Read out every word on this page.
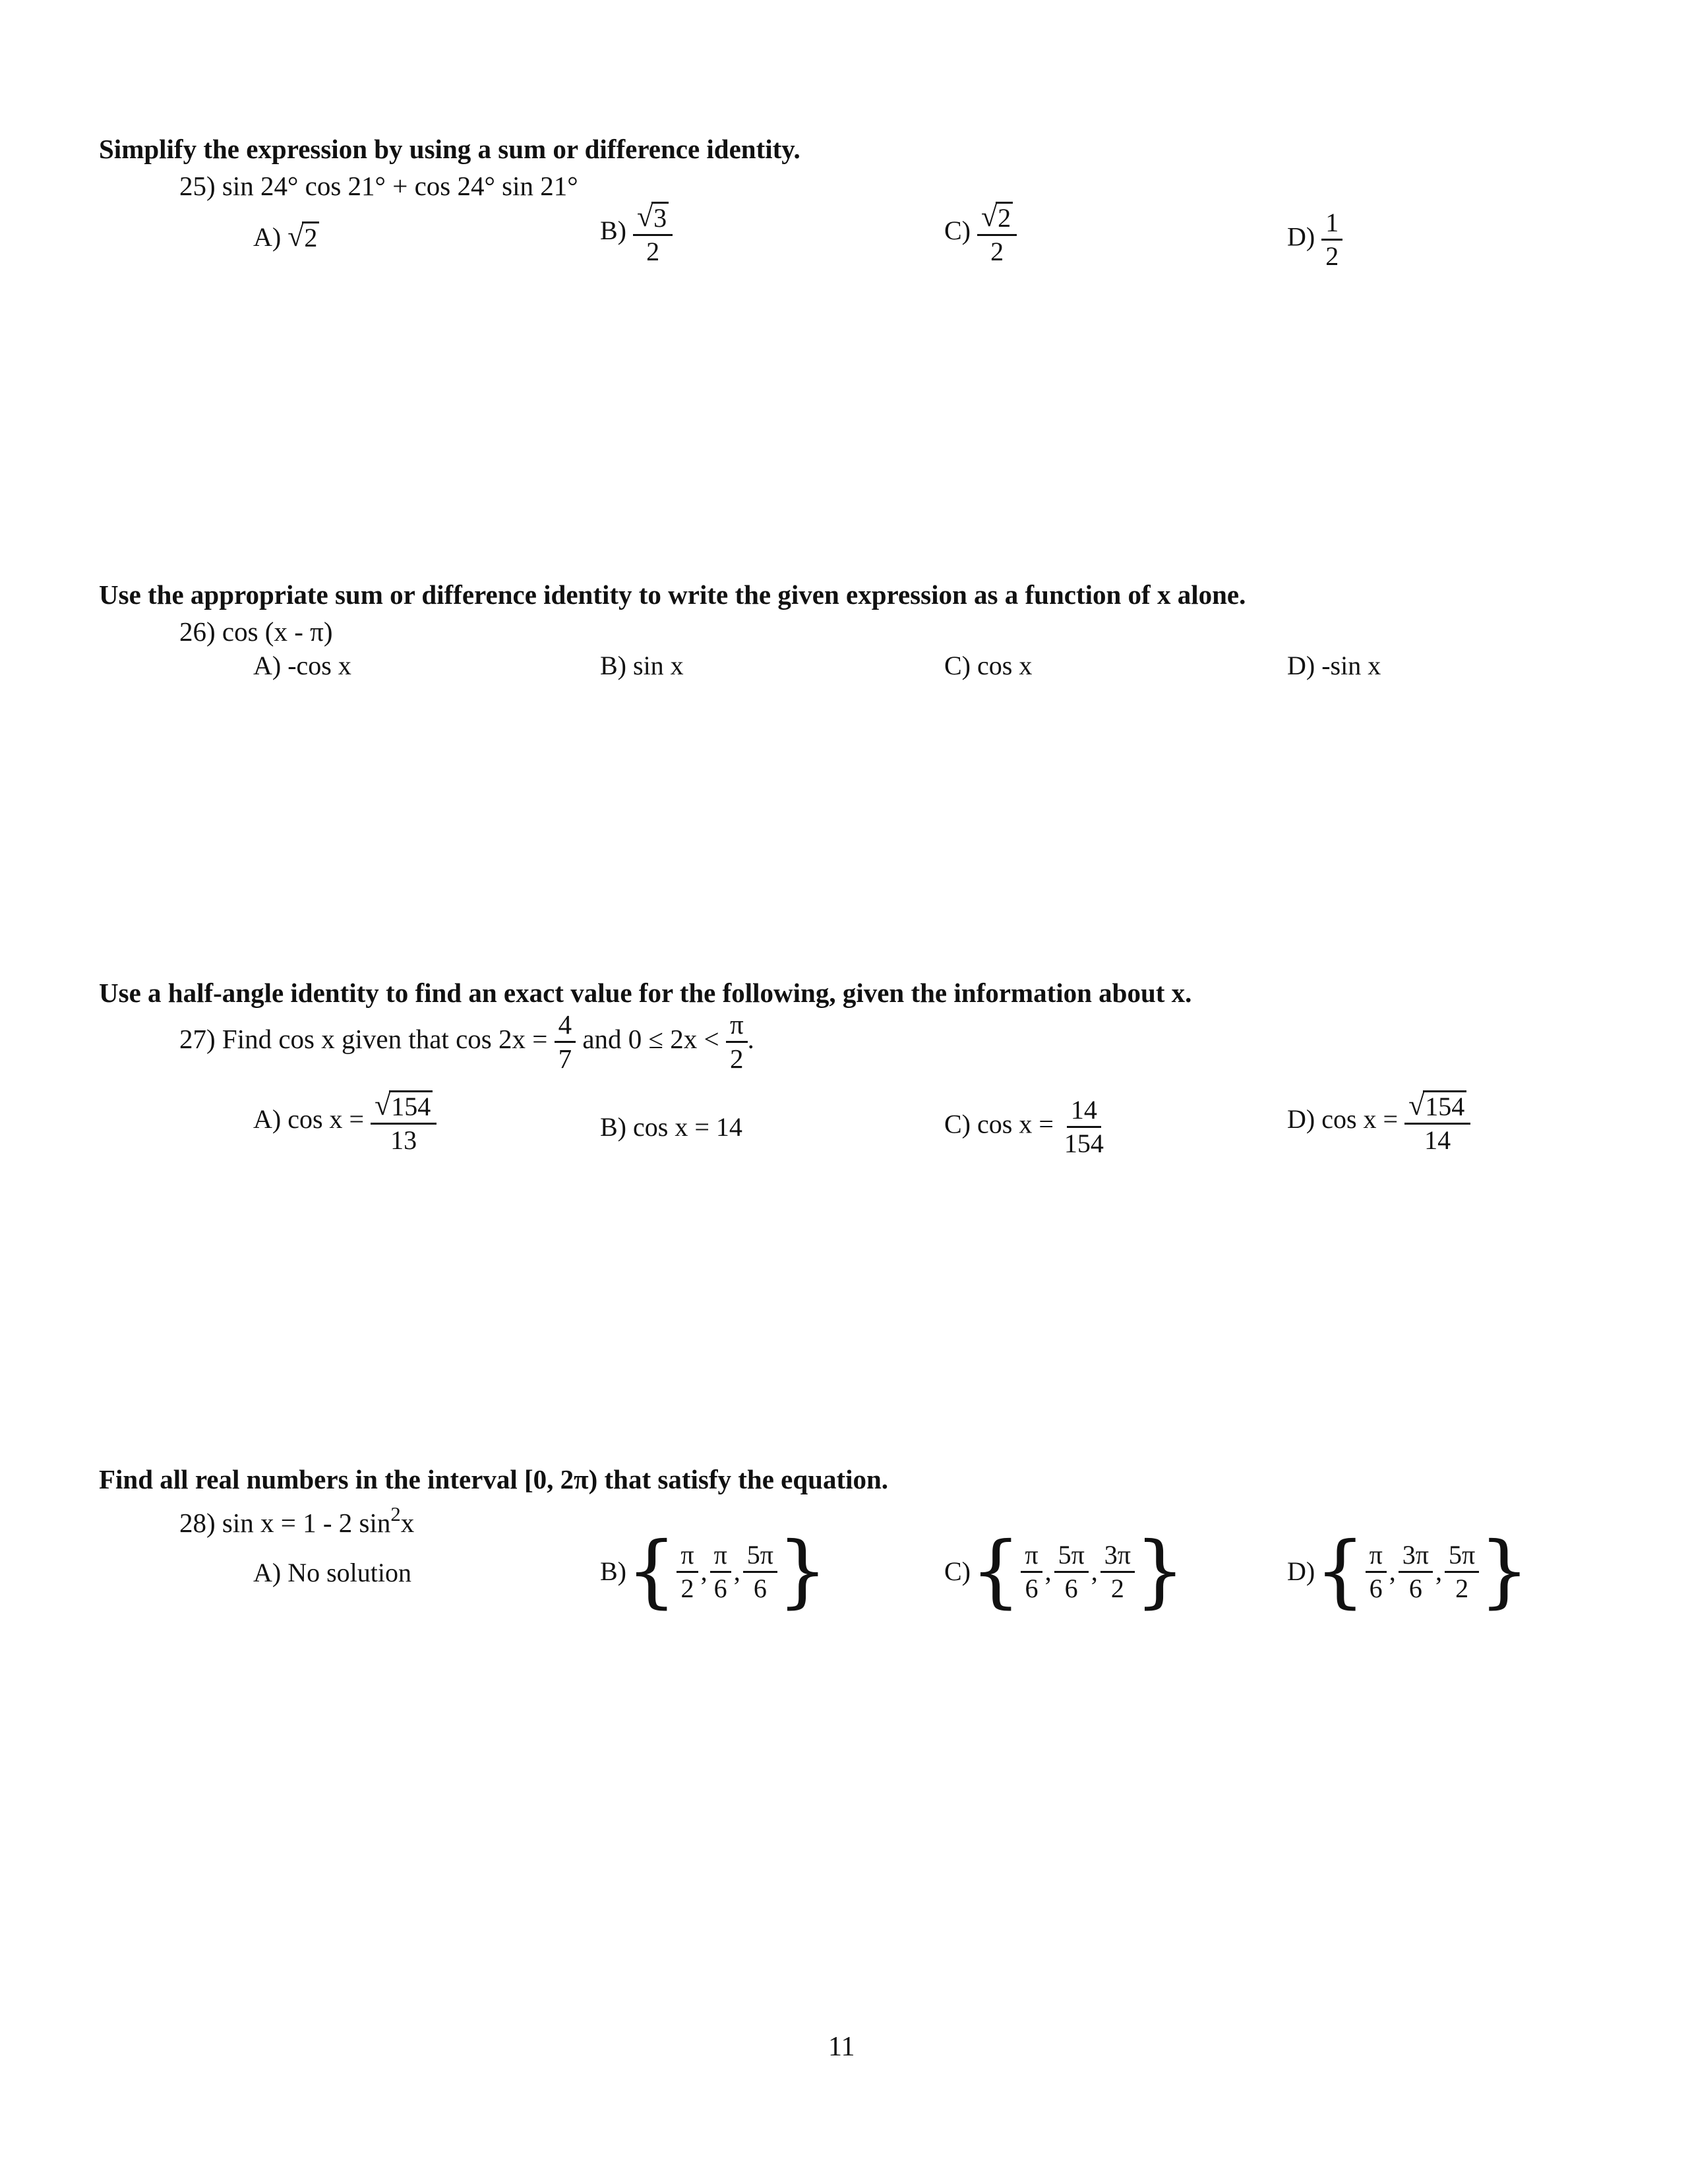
Simplify the expression by using a sum or difference identity.
25) sin 24° cos 21° + cos 24° sin 21°
A) √ 2	$B) \frac{√ 3}{2}$	$C) \frac{√ 2}{2}$	$D) \frac{1}{2}$
Use the appropriate sum or difference identity to write the given expression as a function of x alone.
26) cos (x - π)
A) -cos x	B) sin x	C) cos x	D) -sin x
Use a half-angle identity to find an exact value for the following, given the information about x.
27) Find cos x given that $\cos 2x = \frac{4}{7}$ and $0 \le 2x < \frac{\pi}{2}$ .
A) $\cos x = \frac{√ 154}{13}$	B) cos x = 14	C) $\cos x = \frac{14}{154}$	D) $\cos x = \frac{√ 154}{14}$
Find all real numbers in the interval [0, 2π) that satisfy the equation.
28) sin x = 1 - 2 $\sin^2x$
A) No solution	B) { $\frac{\pi}{2}$ , $\frac{\pi}{6}$ , $\frac{5\pi}{6}$ }	C) { $\frac{\pi}{6}$ , $\frac{5\pi}{6}$ , $\frac{3\pi}{2}$ }	D) { $\frac{\pi}{6}$ , $\frac{3\pi}{6}$ , $\frac{5\pi}{2}$ }
11
